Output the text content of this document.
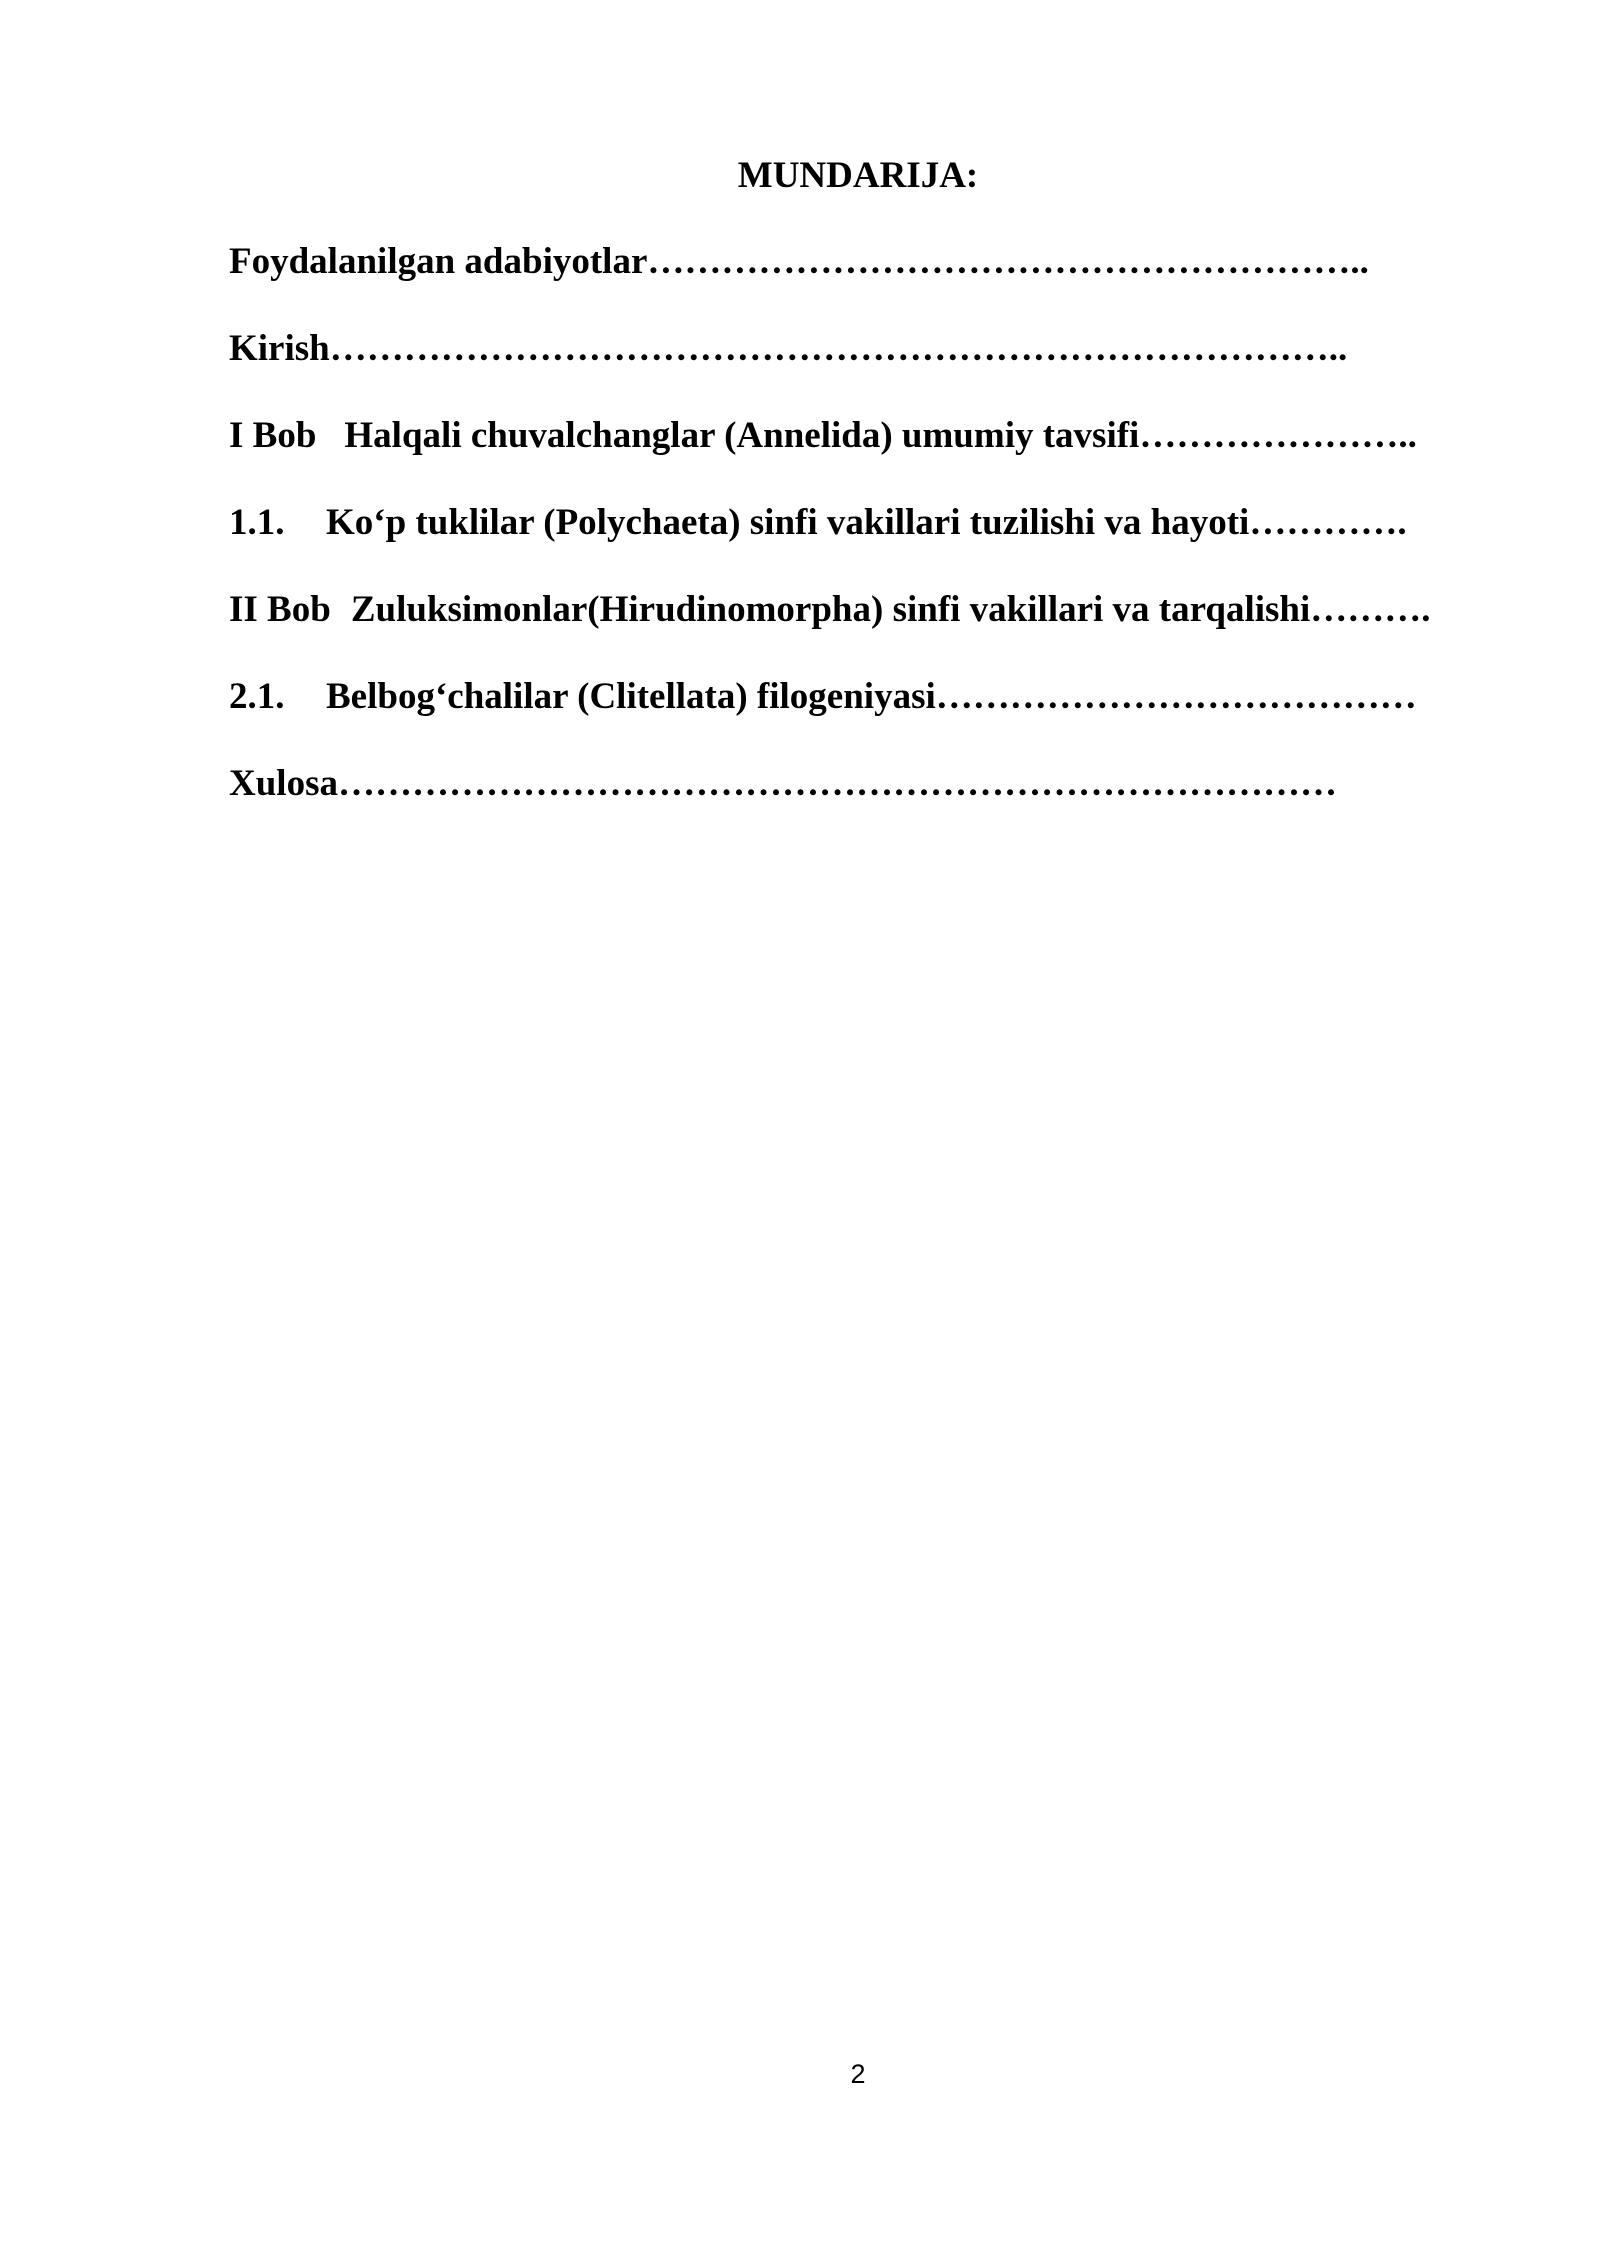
MUNDARIJA:
Foydalanilgan adabiyotlar…………………………………………………..
Kirish………………………………………………………………………..
I Bob Halqali chuvalchanglar (Annelida) umumiy tavsifi…………………..
1.1. Ko‘p tuklilar (Polychaeta) sinfi vakillari tuzilishi va hayoti………….
II Bob Zuluksimonlar(Hirudinomorpha) sinfi vakillari va tarqalishi……….
2.1. Belbog‘chalilar (Clitellata) filogeniyasi…………………………………
Xulosa………………………………………………………………………
2
